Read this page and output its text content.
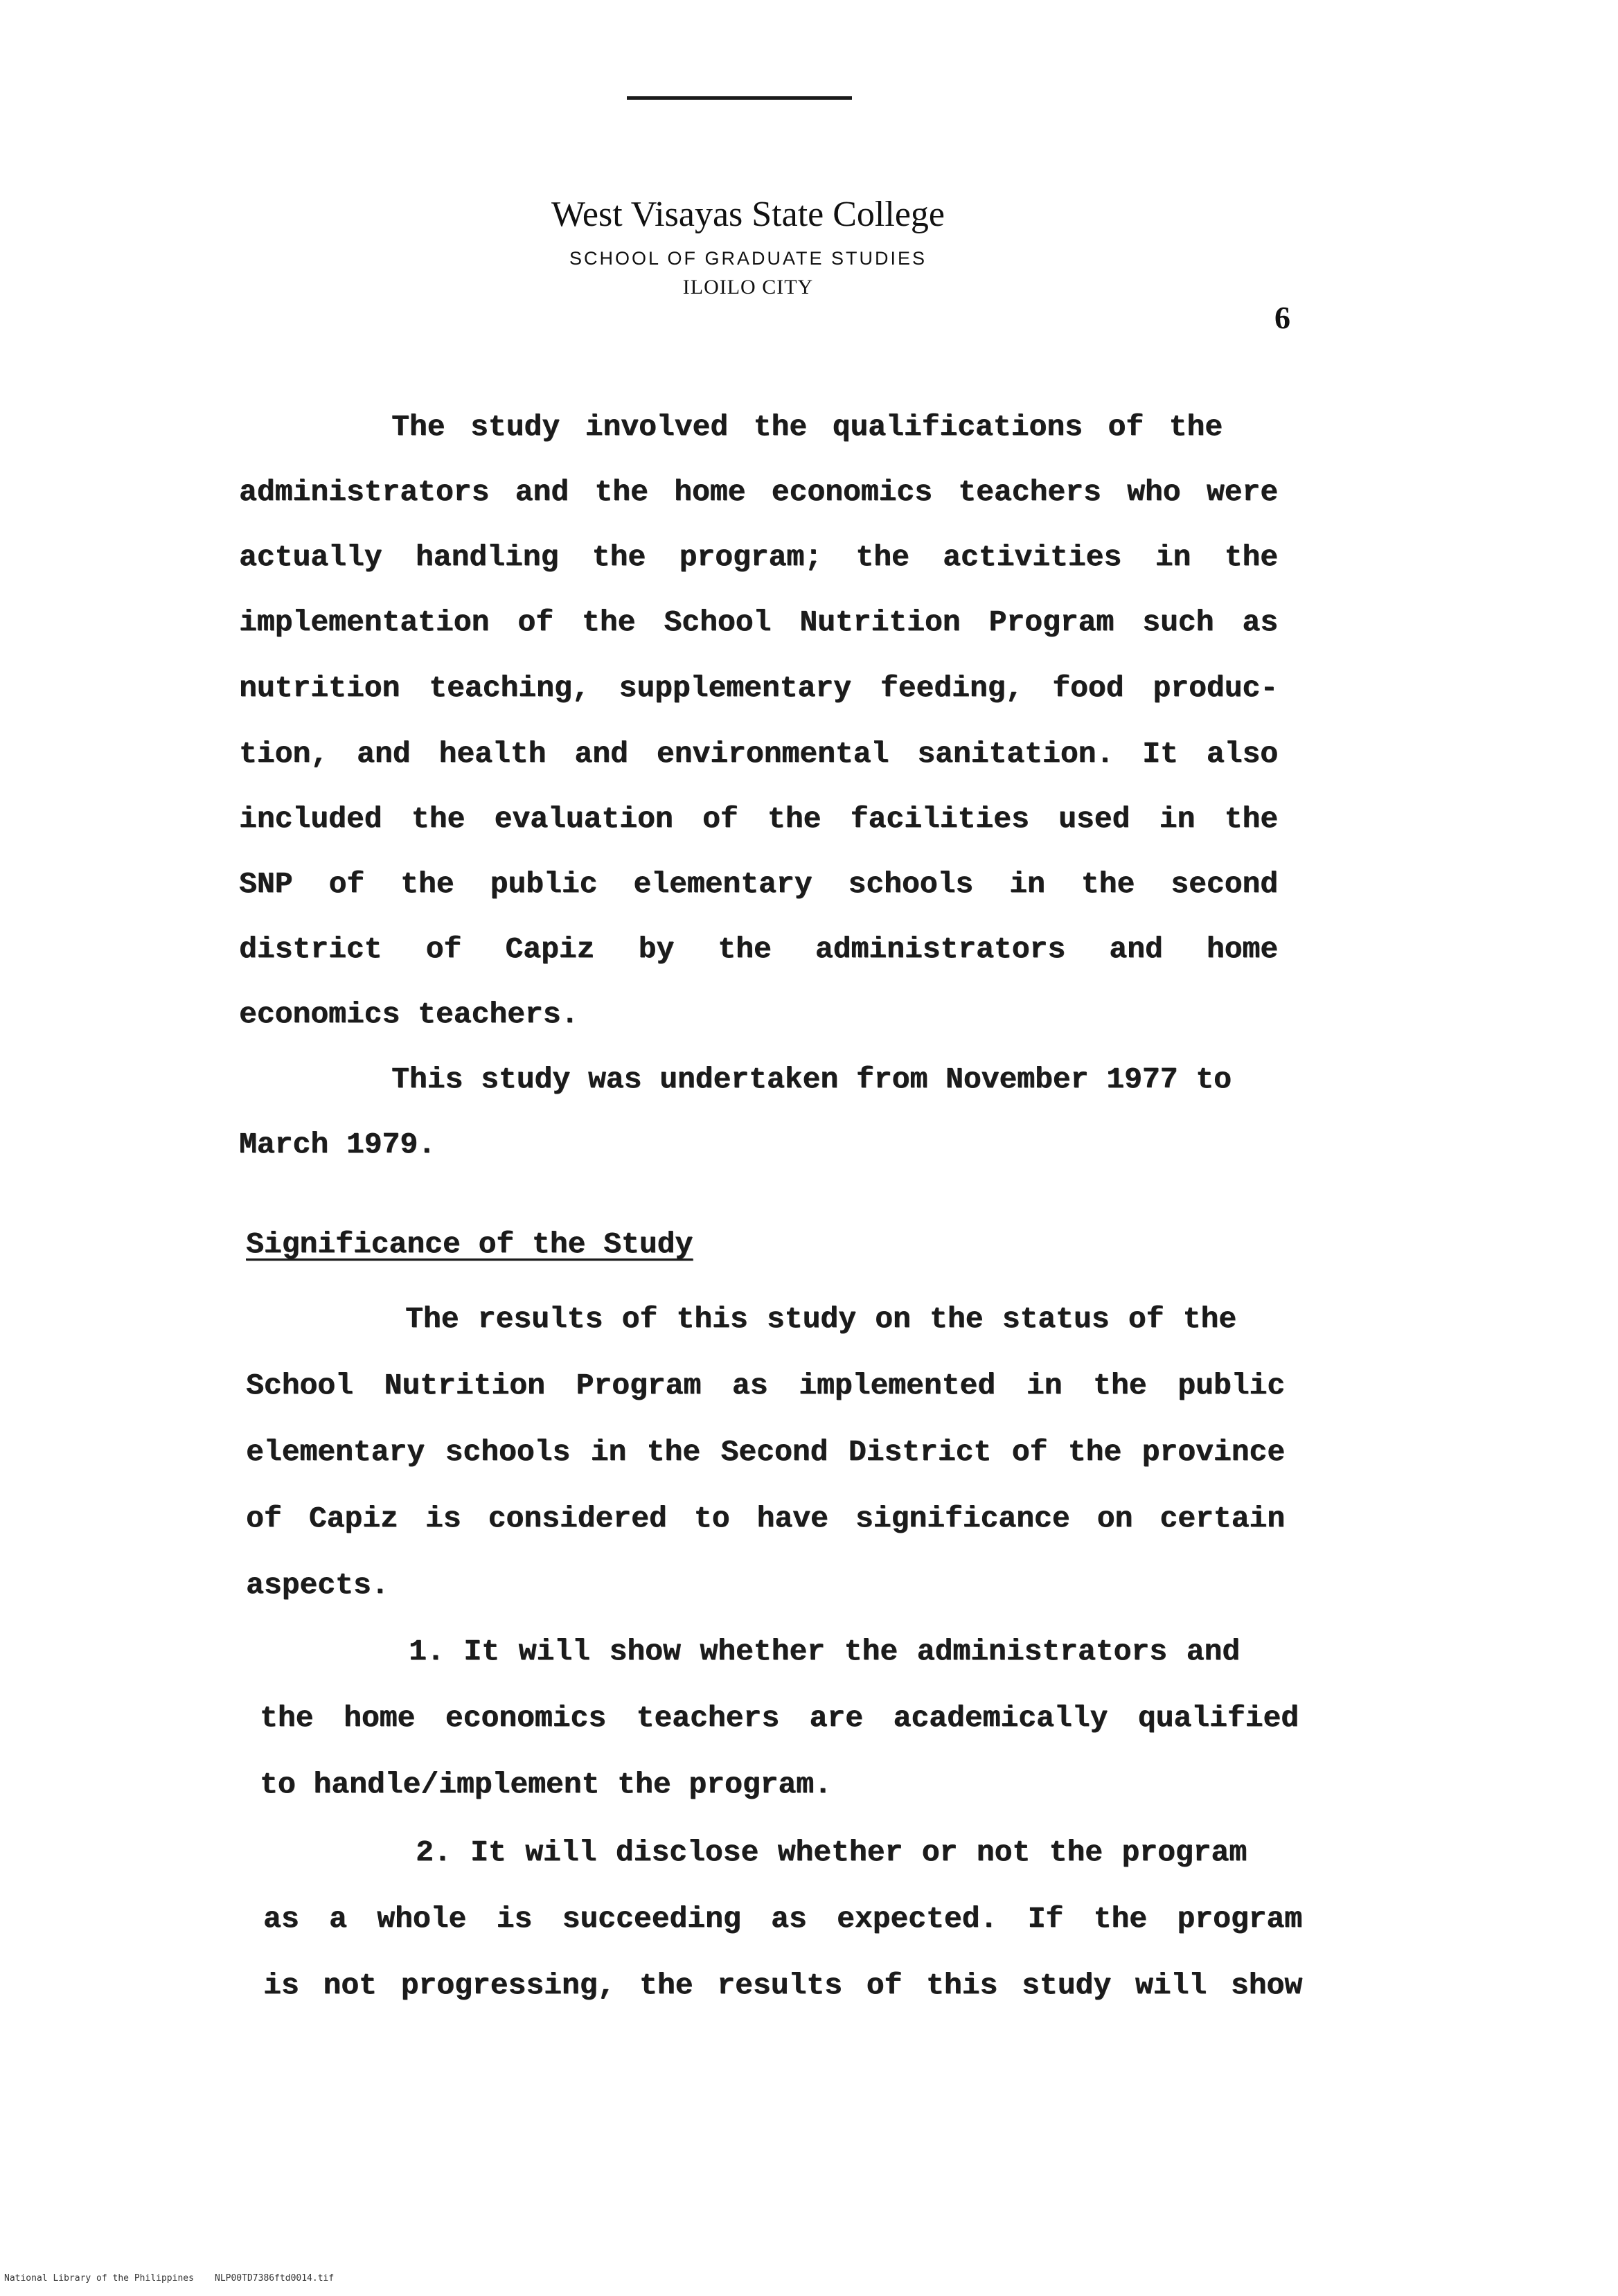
West Visayas State College
SCHOOL OF GRADUATE STUDIES
ILOILO CITY
6
The study involved the qualifications of the
administrators and the home economics teachers who were
actually handling the program; the activities in the
implementation of the School Nutrition Program such as
nutrition teaching, supplementary feeding, food produc-
tion, and health and environmental sanitation. It also
included the evaluation of the facilities used in the
SNP of the public elementary schools in the second
district of Capiz by the administrators and home
economics teachers.
This study was undertaken from November 1977 to
March 1979.
Significance of the Study
The results of this study on the status of the
School Nutrition Program as implemented in the public
elementary schools in the Second District of the province
of Capiz is considered to have significance on certain
aspects.
1. It will show whether the administrators and
the home economics teachers are academically qualified
to handle/implement the program.
2. It will disclose whether or not the program
as a whole is succeeding as expected. If the program
is not progressing, the results of this study will show
National Library of the Philippines NLP00TD7386ftd0014.tif
